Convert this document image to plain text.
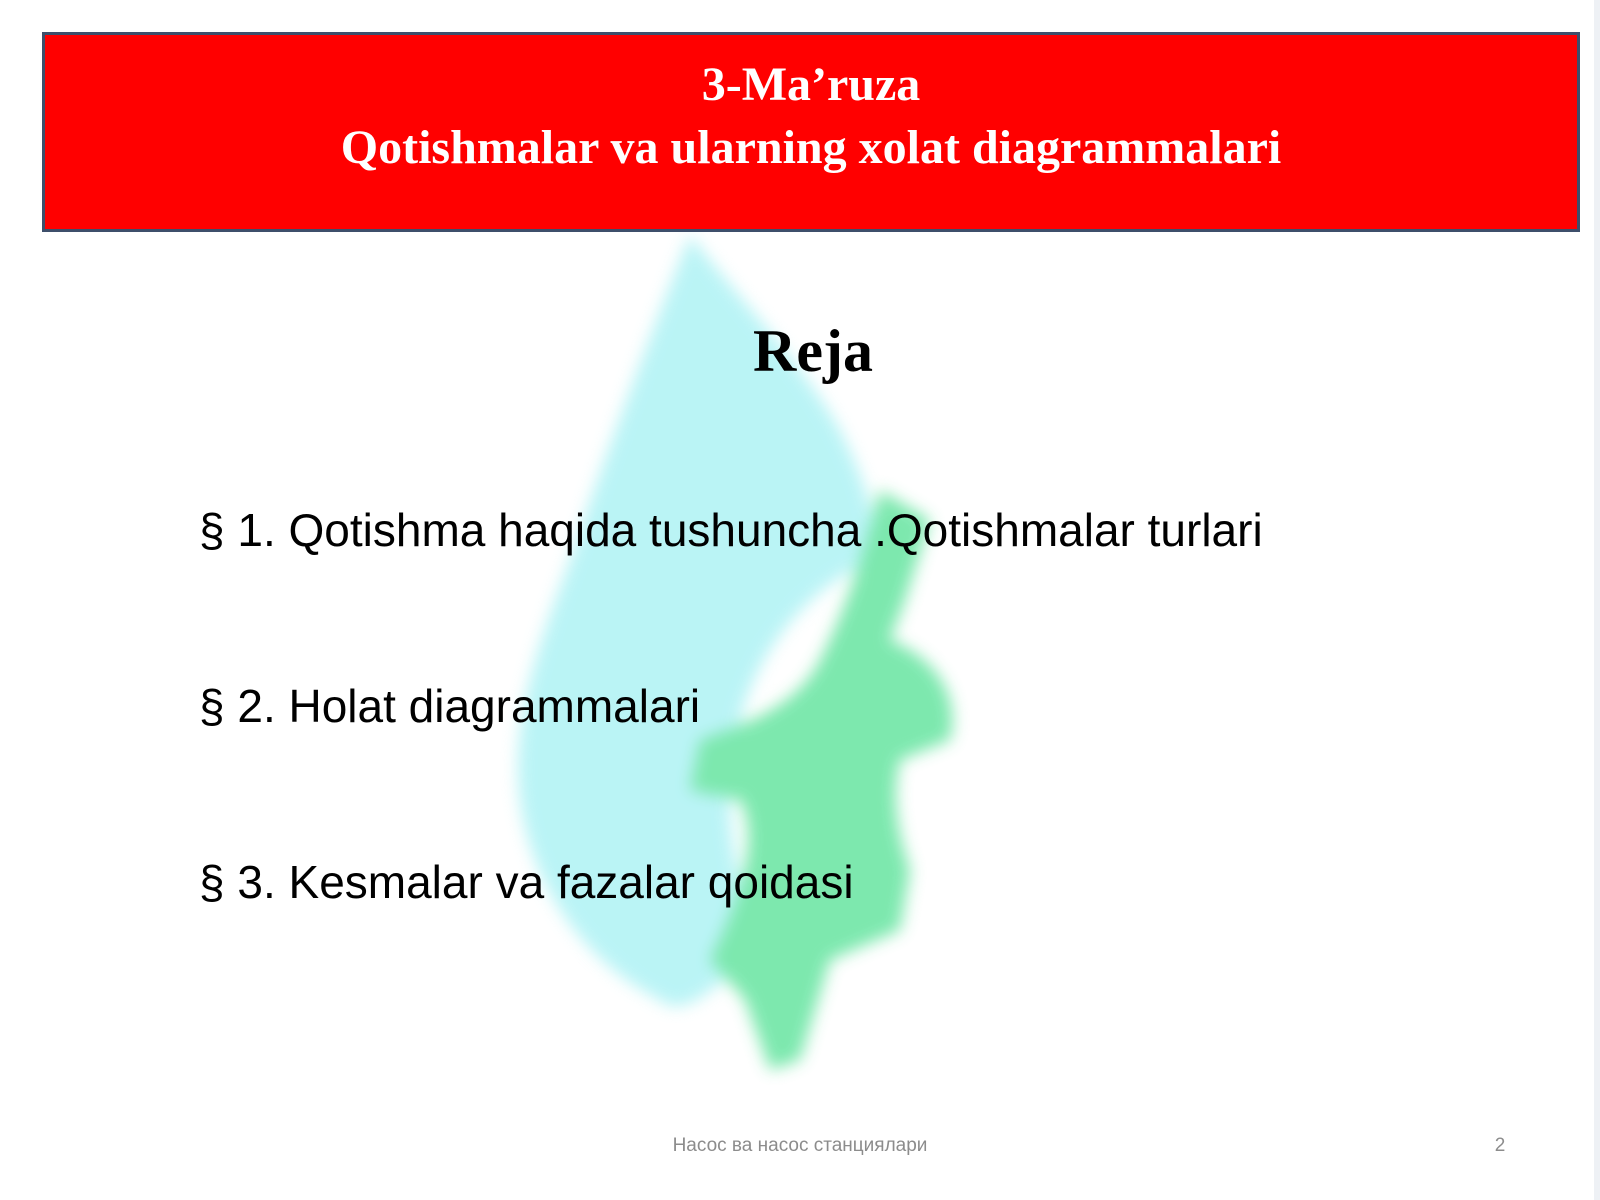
3-Ma’ruza
Qotishmalar va ularning xolat diagrammalari
Reja
§ 1. Qotishma haqida tushuncha .Qotishmalar turlari
§ 2. Holat diagrammalari
§ 3. Kesmalar va fazalar qoidasi
Насос ва насос станциялари	2
